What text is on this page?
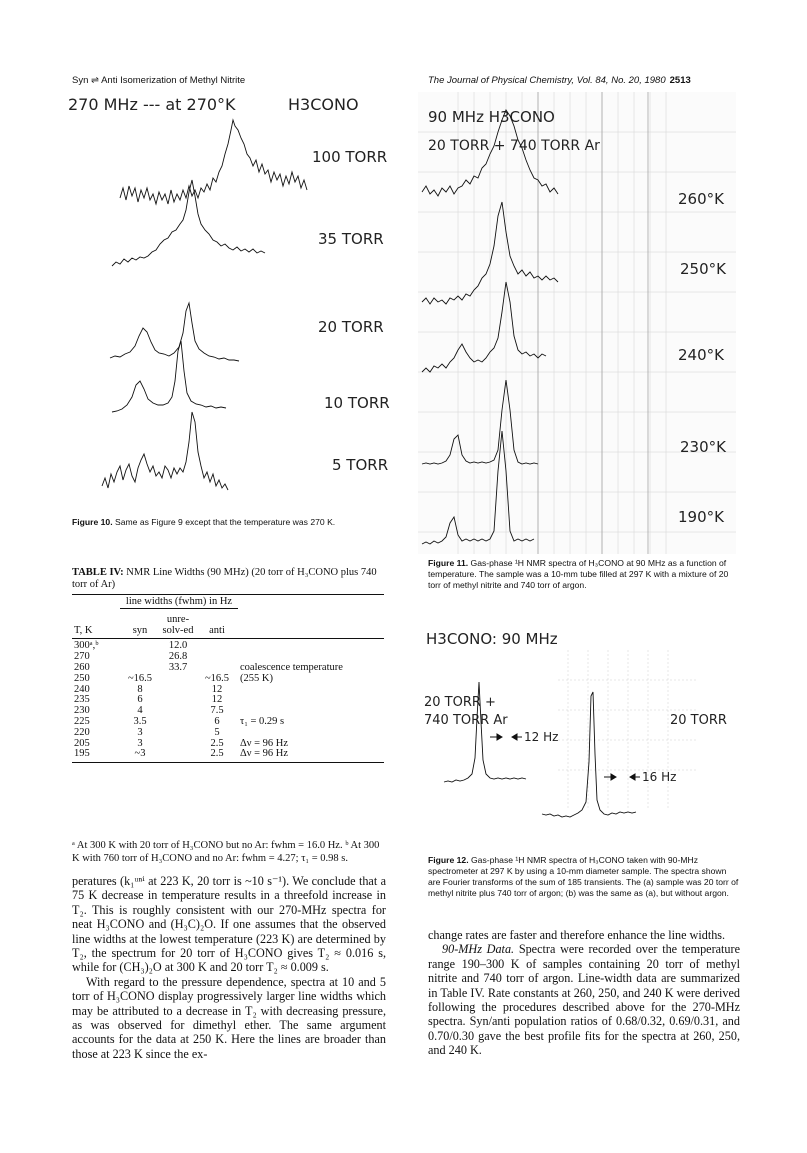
Syn ⇌ Anti Isomerization of Methyl Nitrite	The Journal of Physical Chemistry, Vol. 84, No. 20, 1980 2513
270 MHz --- at 270°K	H3CONO
100 TORR
35 TORR
20 TORR
10 TORR
5 TORR
Figure 10. Same as Figure 9 except that the temperature was 270 K.
TABLE IV: NMR Line Widths (90 MHz) (20 torr of H₃CONO plus 740 torr of Ar)
	line widths (fwhm) in Hz			
T, K	syn	unre-solv-ed	anti	
300ᵃ,ᵇ		12.0		
270		26.8		
260		33.7		coalescence temperature
250	~16.5		~16.5	(255 K)
240	8		12	
235	6		12	
230	4		7.5	
225	3.5		6	τ₁ = 0.29 s
220	3		5	
205	3		2.5	Δν = 96 Hz
195	~3		2.5	Δν = 96 Hz
ᵃ At 300 K with 20 torr of H₃CONO but no Ar: fwhm = 16.0 Hz. ᵇ At 300 K with 760 torr of H₃CONO and no Ar: fwhm = 4.27; τ₁ = 0.98 s.

peratures (k₁ᵘⁿⁱ at 223 K, 20 torr is ~10 s⁻¹). We conclude that a 75 K decrease in temperature results in a threefold increase in T₂. This is roughly consistent with our 270-MHz spectra for neat H₃CONO and (H₃C)₂O. If one assumes that the observed line widths at the lowest temperature (223 K) are determined by T₂, the spectrum for 20 torr of H₃CONO gives T₂ ≈ 0.016 s, while for (CH₃)₂O at 300 K and 20 torr T₂ ≈ 0.009 s.

With regard to the pressure dependence, spectra at 10 and 5 torr of H₃CONO display progressively larger line widths which may be attributed to a decrease in T₂ with decreasing pressure, as was observed for dimethyl ether. The same argument accounts for the data at 250 K. Here the lines are broader than those at 223 K since the ex-

90 MHz H3CONO
20 TORR + 740 TORR Ar
260°K
250°K
240°K
230°K
190°K
Figure 11. Gas-phase ¹H NMR spectra of H₃CONO at 90 MHz as a function of temperature. The sample was a 10-mm tube filled at 297 K with a mixture of 20 torr of methyl nitrite and 740 torr of argon.
H3CONO: 90 MHz
20 TORR +
740 TORR Ar	20 TORR
12 Hz
16 Hz
Figure 12. Gas-phase ¹H NMR spectra of H₃CONO taken with 90-MHz spectrometer at 297 K by using a 10-mm diameter sample. The spectra shown are Fourier transforms of the sum of 185 transients. The (a) sample was 20 torr of methyl nitrite plus 740 torr of argon; (b) was the same as (a), but without argon.

change rates are faster and therefore enhance the line widths.

90-MHz Data. Spectra were recorded over the temperature range 190–300 K of samples containing 20 torr of methyl nitrite and 740 torr of argon. Line-width data are summarized in Table IV. Rate constants at 260, 250, and 240 K were derived following the procedures described above for the 270-MHz spectra. Syn/anti population ratios of 0.68/0.32, 0.69/0.31, and 0.70/0.30 gave the best profile fits for the spectra at 260, 250, and 240 K.
